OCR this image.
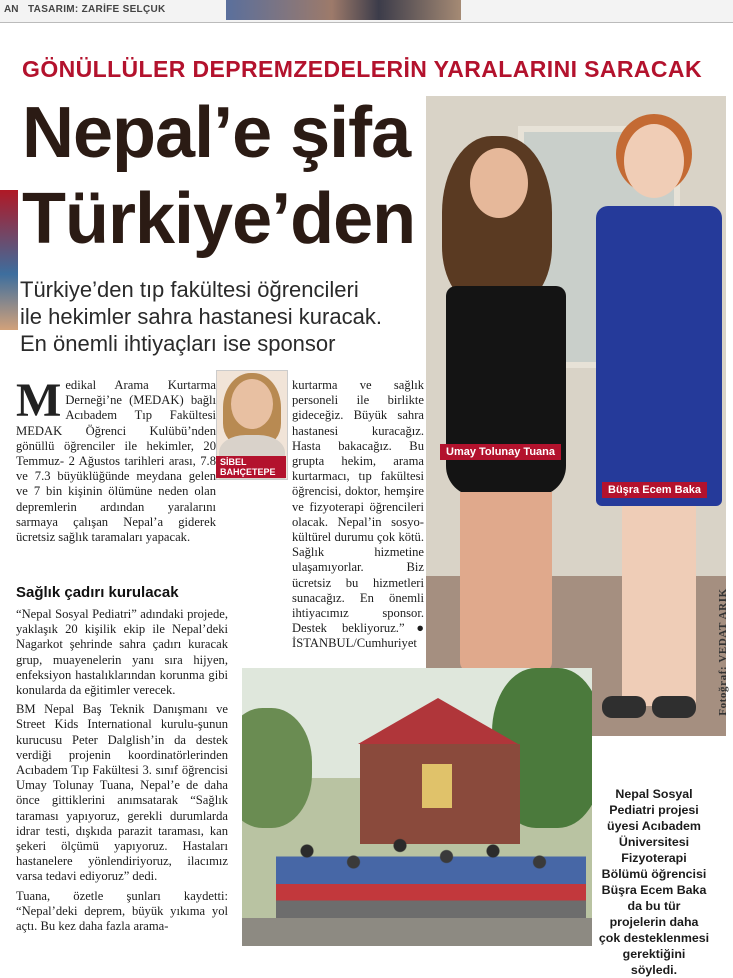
AN TASARIM: ZARİFE SELÇUK
GÖNÜLLÜLER DEPREMZEDELERİN YARALARINI SARACAK
Nepal’e şifa
Türkiye’den
Türkiye’den tıp fakültesi öğrencileri
ile hekimler sahra hastanesi kuracak.
En önemli ihtiyaçları ise sponsor
M edikal Arama Kurtarma Derneği’ne (MEDAK) bağlı Acıbadem Tıp Fakültesi MEDAK Öğrenci Kulübü’nden gönüllü öğrenciler ile hekimler, 20 Temmuz- 2 Ağustos tarihleri arası, 7.8 ve 7.3 büyüklüğünde meydana gelen ve 7 bin kişinin ölümüne neden olan depremlerin ardından yaralarını sarmaya çalışan Nepal’a giderek ücretsiz sağlık taramaları yapacak.

SİBEL BAHÇETEPE

kurtarma ve sağlık personeli ile birlikte gideceğiz. Büyük sahra hastanesi kuracağız. Hasta bakacağız. Bu grupta hekim, arama kurtarmacı, tıp fakültesi öğrencisi, doktor, hemşire ve fizyoterapi öğrencileri olacak. Nepal’in sosyo-kültürel durumu çok kötü. Sağlık hizmetine ulaşamıyorlar. Biz ücretsiz bu hizmetleri sunacağız. En önemli ihtiyacımız sponsor. Destek bekliyoruz.”● İSTANBUL/Cumhuriyet

Sağlık çadırı kurulacak

“Nepal Sosyal Pediatri” adındaki projede, yaklaşık 20 kişilik ekip ile Nepal’deki Nagarkot şehrinde sahra çadırı kuracak grup, muayenelerin yanı sıra hijyen, enfeksiyon hastalıklarından korunma gibi konularda da eğitimler verecek.

BM Nepal Baş Teknik Danışmanı ve Street Kids International kurulu-şunun kurucusu Peter Dalglish’in da destek verdiği projenin koordinatörlerinden Acıbadem Tıp Fakültesi 3. sınıf öğrencisi Umay Tolunay Tuana, Nepal’e de daha önce gittiklerini anımsatarak “Sağlık taraması yapıyoruz, gerekli durumlarda idrar testi, dışkıda parazit taraması, kan şekeri ölçümü yapıyoruz. Hastaları hastanelere yönlendiriyoruz, ilacımız varsa tedavi ediyoruz” dedi.

Tuana, özetle şunları kaydetti: “Nepal’deki deprem, büyük yıkıma yol açtı. Bu kez daha fazla arama-

Umay Tolunay Tuana
Büşra Ecem Baka
Fotoğraf: VEDAT ARIK
Nepal Sosyal Pediatri projesi üyesi Acıbadem Üniversitesi Fizyoterapi Bölümü öğrencisi Büşra Ecem Baka da bu tür projelerin daha çok desteklenmesi gerektiğini söyledi.
